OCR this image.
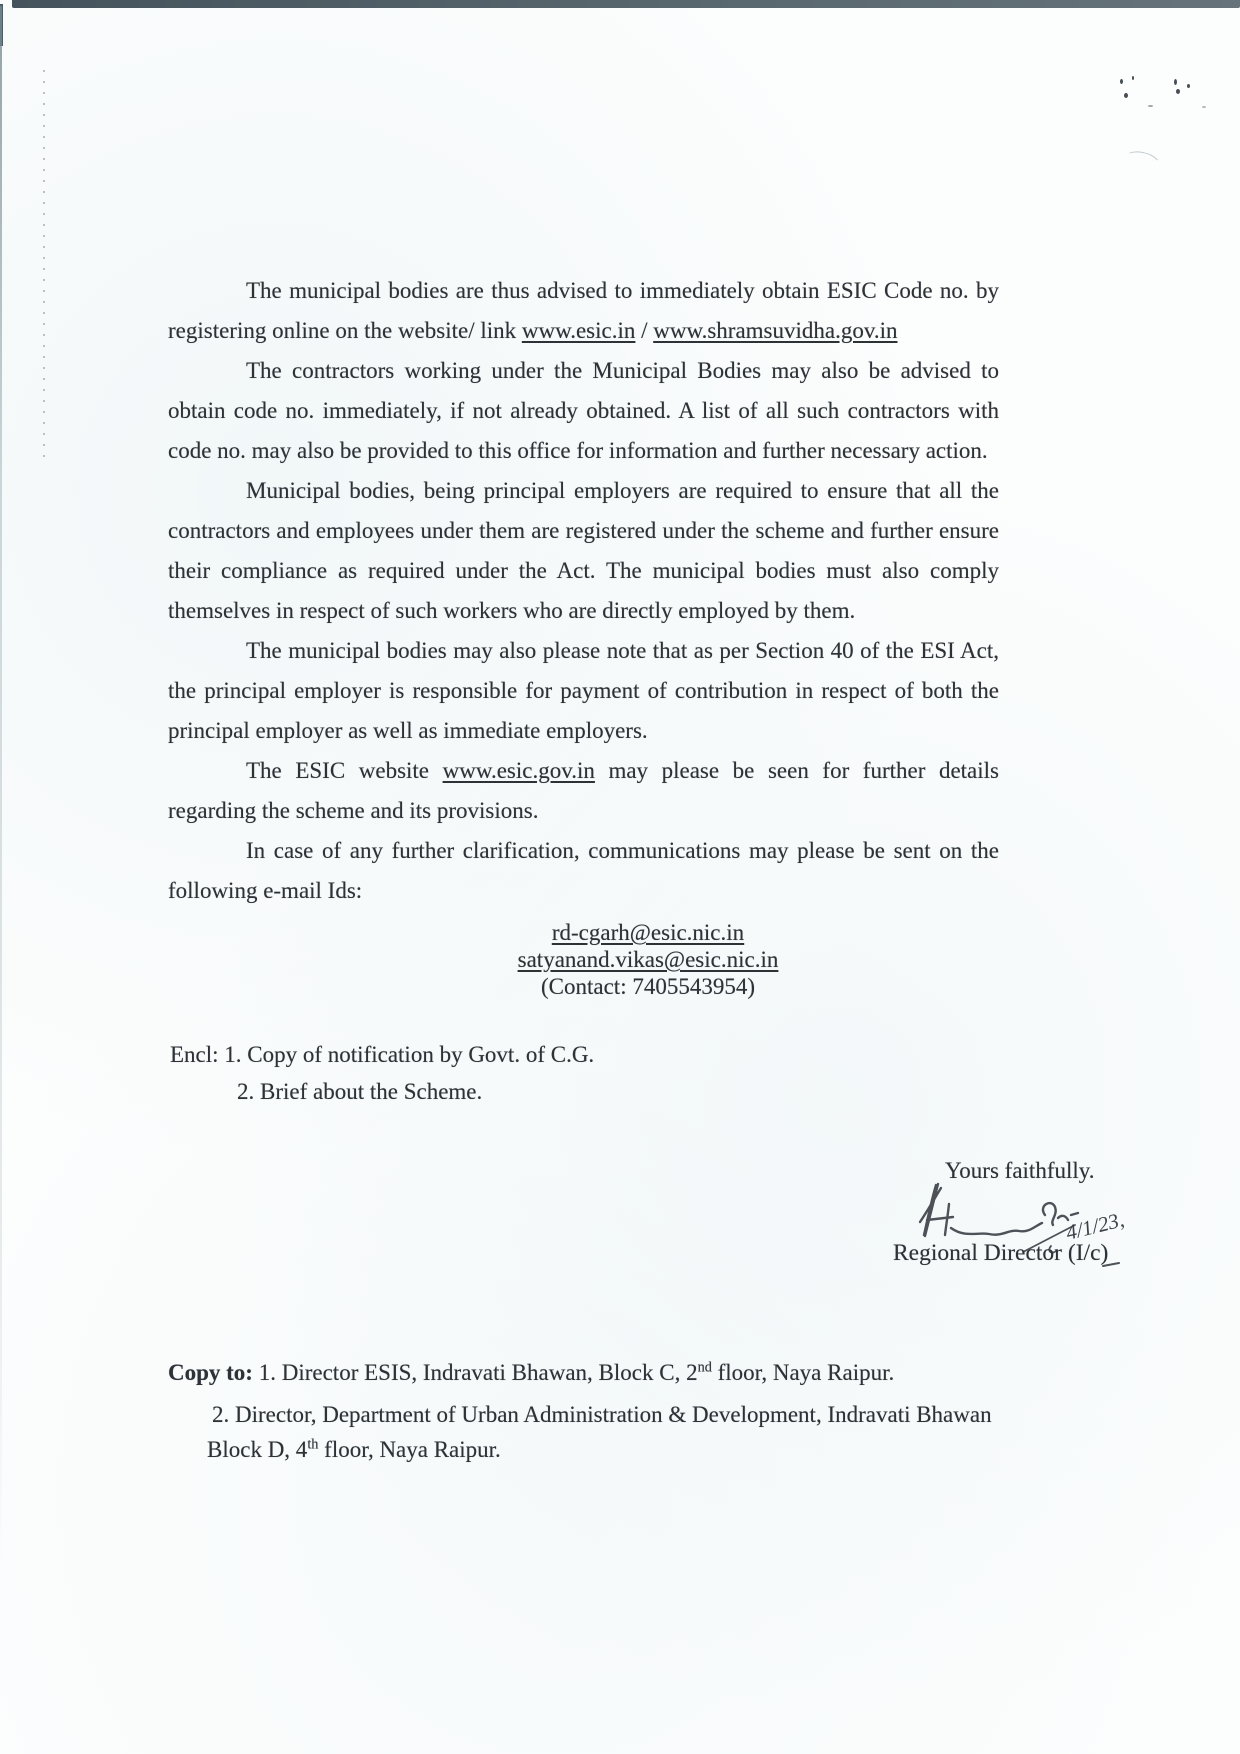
The municipal bodies are thus advised to immediately obtain ESIC Code no. by registering online on the website/ link www.esic.in / www.shramsuvidha.gov.in

The contractors working under the Municipal Bodies may also be advised to obtain code no. immediately, if not already obtained. A list of all such contractors with code no. may also be provided to this office for information and further necessary action.

Municipal bodies, being principal employers are required to ensure that all the contractors and employees under them are registered under the scheme and further ensure their compliance as required under the Act. The municipal bodies must also comply themselves in respect of such workers who are directly employed by them.

The municipal bodies may also please note that as per Section 40 of the ESI Act, the principal employer is responsible for payment of contribution in respect of both the principal employer as well as immediate employers.

The ESIC website www.esic.gov.in may please be seen for further details regarding the scheme and its provisions.

In case of any further clarification, communications may please be sent on the following e-mail Ids:

rd-cgarh@esic.nic.in
satyanand.vikas@esic.nic.in
(Contact: 7405543954)
Encl: 1. Copy of notification by Govt. of C.G.
2. Brief about the Scheme.
Yours faithfully.
4/1/23,
Regional Director (I/c)
Copy to: 1. Director ESIS, Indravati Bhawan, Block C, 2nd floor, Naya Raipur.
2. Director, Department of Urban Administration & Development, Indravati Bhawan
Block D, 4th floor, Naya Raipur.
